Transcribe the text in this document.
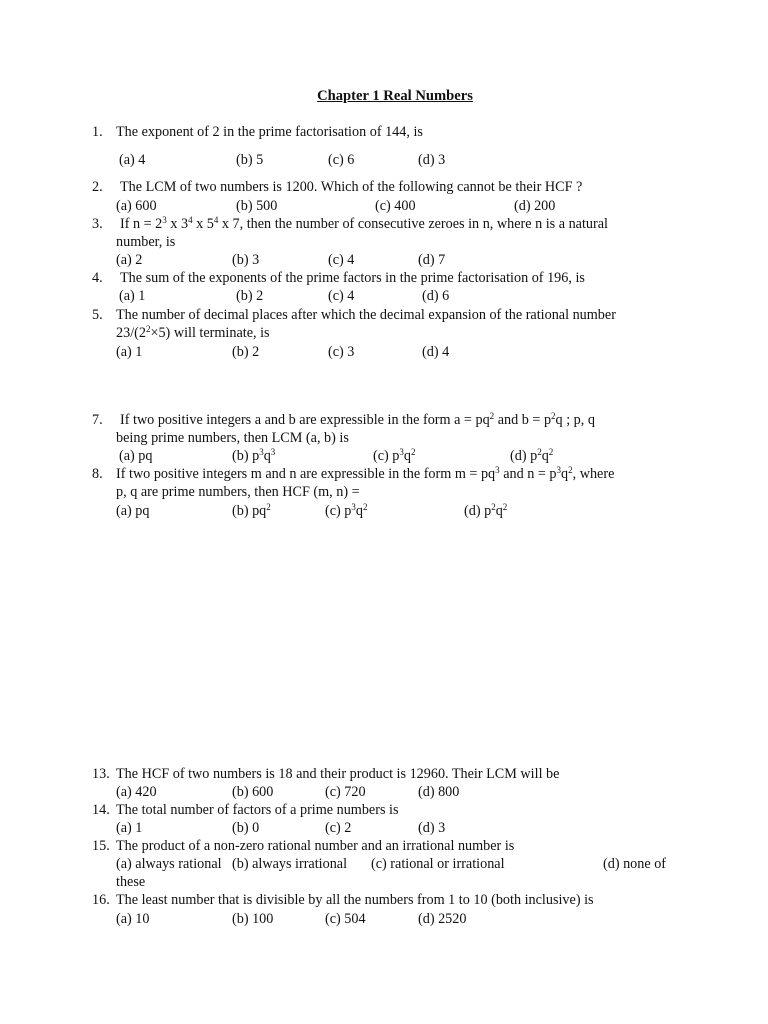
Chapter 1 Real Numbers
1. The exponent of 2 in the prime factorisation of 144, is
(a) 4	(b) 5	(c) 6	(d) 3
2. The LCM of two numbers is 1200. Which of the following cannot be their HCF ?
(a) 600	(b) 500	(c) 400	(d) 200
3. If $n = 2^3$ x $3^4$ x $5^4$ x 7, then the number of consecutive zeroes in n, where n is a natural
number, is
(a) 2	(b) 3	(c) 4	(d) 7
4. The sum of the exponents of the prime factors in the prime factorisation of 196, is
(a) 1	(b) 2	(c) 4	(d) 6
5. The number of decimal places after which the decimal expansion of the rational number
$23/(2^2\times 5)$ will terminate, is
(a) 1	(b) 2	(c) 3	(d) 4
7. If two positive integers a and b are expressible in the form $a = pq^2$ and $b = p^2q$ ; p, q
being prime numbers, then LCM (a, b) is
(a) pq	(b) $p^3q^3$	(c) $p^3q^2$	(d) $p^2q^2$
8. If two positive integers m and n are expressible in the form $m = pq^3$ and $n = p^3q^2$, where
p, q are prime numbers, then HCF (m, n) =
(a) pq	(b) $pq^2$	(c) $p^3q^2$	(d) $p^2q^2$
13. The HCF of two numbers is 18 and their product is 12960. Their LCM will be
(a) 420	(b) 600	(c) 720	(d) 800
14. The total number of factors of a prime numbers is
(a) 1	(b) 0	(c) 2	(d) 3
15. The product of a non-zero rational number and an irrational number is
(a) always rational (b) always irrational (c) rational or irrational	(d) none of
these
16. The least number that is divisible by all the numbers from 1 to 10 (both inclusive) is
(a) 10	(b) 100	(c) 504	(d) 2520
